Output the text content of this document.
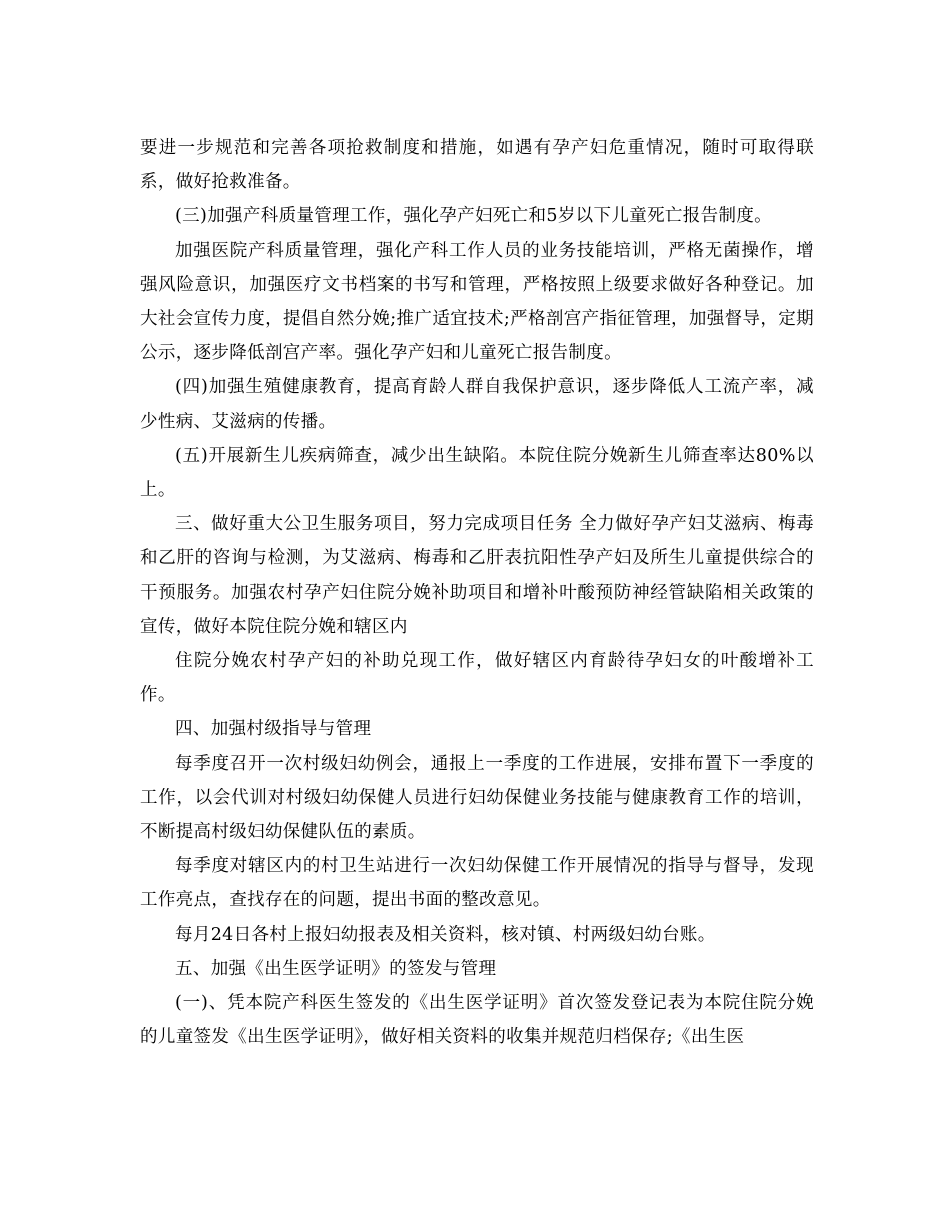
要进一步规范和完善各项抢救制度和措施，如遇有孕产妇危重情况，随时可取得联系，做好抢救准备。

(三)加强产科质量管理工作，强化孕产妇死亡和5岁以下儿童死亡报告制度。

加强医院产科质量管理，强化产科工作人员的业务技能培训，严格无菌操作，增强风险意识，加强医疗文书档案的书写和管理，严格按照上级要求做好各种登记。加大社会宣传力度，提倡自然分娩;推广适宜技术;严格剖宫产指征管理，加强督导，定期公示，逐步降低剖宫产率。强化孕产妇和儿童死亡报告制度。

(四)加强生殖健康教育，提高育龄人群自我保护意识，逐步降低人工流产率，减少性病、艾滋病的传播。

(五)开展新生儿疾病筛查，减少出生缺陷。本院住院分娩新生儿筛查率达80%以上。

三、做好重大公卫生服务项目，努力完成项目任务 全力做好孕产妇艾滋病、梅毒和乙肝的咨询与检测，为艾滋病、梅毒和乙肝表抗阳性孕产妇及所生儿童提供综合的干预服务。加强农村孕产妇住院分娩补助项目和增补叶酸预防神经管缺陷相关政策的宣传，做好本院住院分娩和辖区内

住院分娩农村孕产妇的补助兑现工作，做好辖区内育龄待孕妇女的叶酸增补工作。

四、加强村级指导与管理

每季度召开一次村级妇幼例会，通报上一季度的工作进展，安排布置下一季度的工作，以会代训对村级妇幼保健人员进行妇幼保健业务技能与健康教育工作的培训，不断提高村级妇幼保健队伍的素质。

每季度对辖区内的村卫生站进行一次妇幼保健工作开展情况的指导与督导，发现工作亮点，查找存在的问题，提出书面的整改意见。

每月24日各村上报妇幼报表及相关资料，核对镇、村两级妇幼台账。

五、加强《出生医学证明》的签发与管理

(一)、凭本院产科医生签发的《出生医学证明》首次签发登记表为本院住院分娩的儿童签发《出生医学证明》，做好相关资料的收集并规范归档保存;《出生医
